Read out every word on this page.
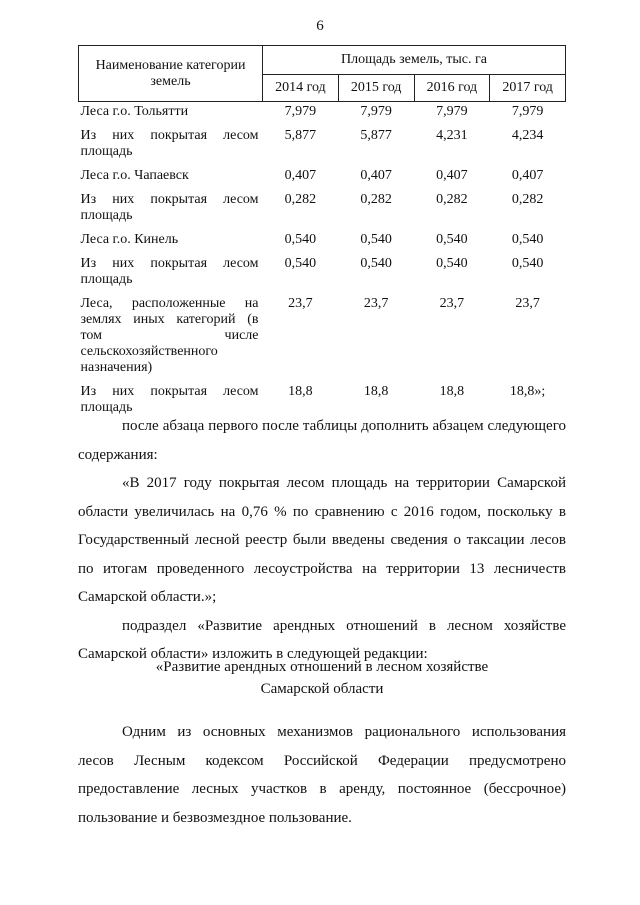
6
Наименование категории земель	Площадь земель, тыс. га			
	2014 год	2015 год	2016 год	2017 год
Леса г.о. Тольятти	7,979	7,979	7,979	7,979
Из них покрытая лесом площадь	5,877	5,877	4,231	4,234
Леса г.о. Чапаевск	0,407	0,407	0,407	0,407
Из них покрытая лесом площадь	0,282	0,282	0,282	0,282
Леса г.о. Кинель	0,540	0,540	0,540	0,540
Из них покрытая лесом площадь	0,540	0,540	0,540	0,540
Леса, расположенные на землях иных категорий (в том числе сельскохозяйственного назначения)	23,7	23,7	23,7	23,7
Из них покрытая лесом площадь	18,8	18,8	18,8	18,8»;

после абзаца первого после таблицы дополнить абзацем следующего содержания:

«В 2017 году покрытая лесом площадь на территории Самарской области увеличилась на 0,76 % по сравнению с 2016 годом, поскольку в Государственный лесной реестр были введены сведения о таксации лесов по итогам проведенного лесоустройства на территории 13 лесничеств Самарской области.»;

подраздел «Развитие арендных отношений в лесном хозяйстве Самарской области» изложить в следующей редакции:

«Развитие арендных отношений в лесном хозяйстве

Самарской области

Одним из основных механизмов рационального использования лесов Лесным кодексом Российской Федерации предусмотрено предоставление лесных участков в аренду, постоянное (бессрочное) пользование и безвозмездное пользование.
